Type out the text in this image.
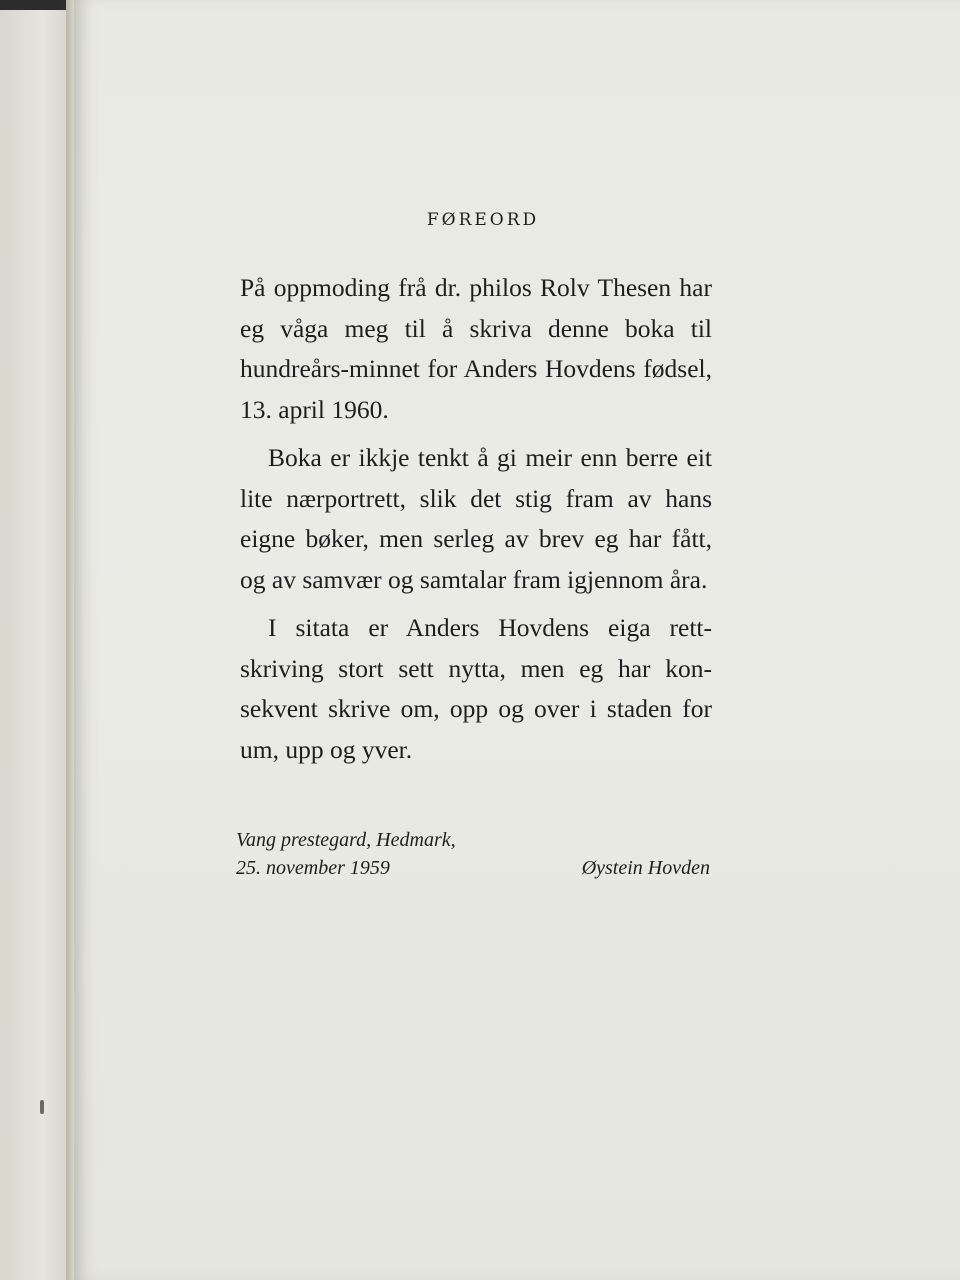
FØREORD

På oppmoding frå dr. philos Rolv Thesen har eg våga meg til å skriva denne boka til hundreårs-minnet for Anders Hovdens fødsel, 13. april 1960.

Boka er ikkje tenkt å gi meir enn berre eit lite nærportrett, slik det stig fram av hans eigne bøker, men serleg av brev eg har fått, og av samvær og samtalar fram igjennom åra.

I sitata er Anders Hovdens eiga rett-skriving stort sett nytta, men eg har kon-sekvent skrive om, opp og over i staden for um, upp og yver.

Vang prestegard, Hedmark,
25. november 1959	Øystein Hovden
